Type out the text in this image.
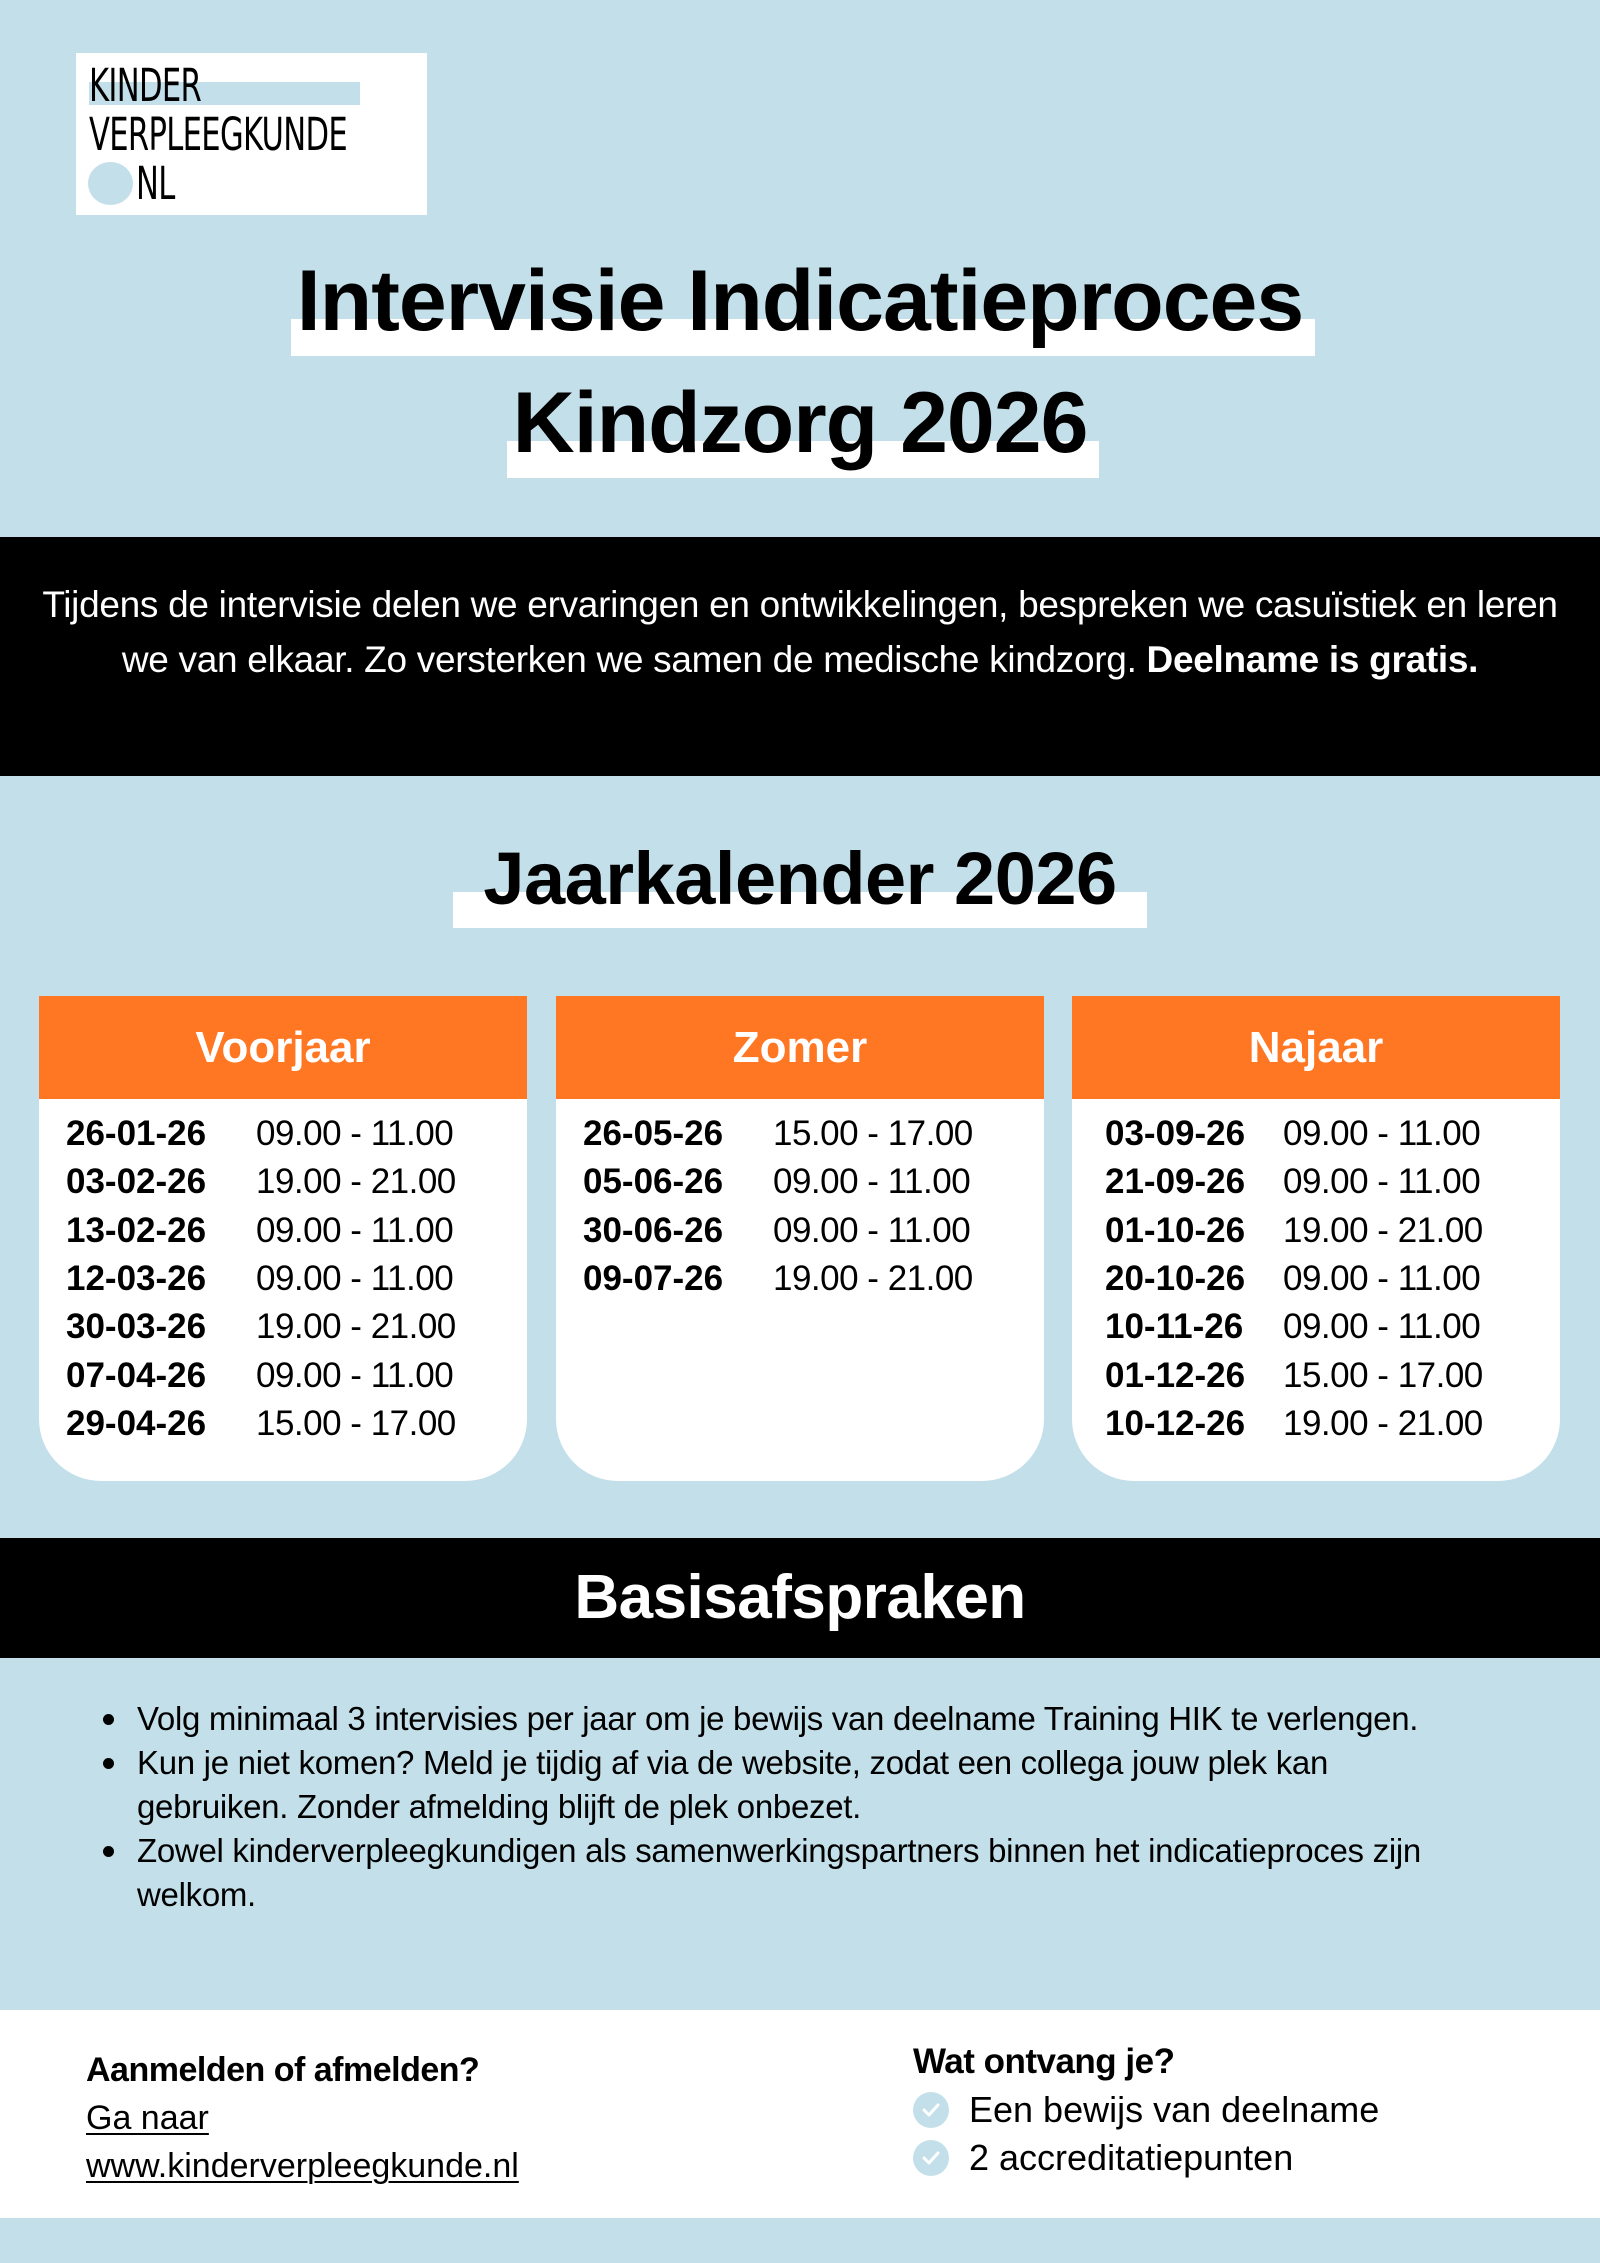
KINDER
VERPLEEGKUNDE
NL
Intervisie Indicatieproces
Kindzorg 2026

Tijdens de intervisie delen we ervaringen en ontwikkelingen, bespreken we casuïstiek en leren we van elkaar. Zo versterken we samen de medische kindzorg. Deelname is gratis.

Jaarkalender 2026
Voorjaar
26-01-26	09.00 - 11.00
03-02-26	19.00 - 21.00
13-02-26	09.00 - 11.00
12-03-26	09.00 - 11.00
30-03-26	19.00 - 21.00
07-04-26	09.00 - 11.00
29-04-26	15.00 - 17.00
Zomer
26-05-26	15.00 - 17.00
05-06-26	09.00 - 11.00
30-06-26	09.00 - 11.00
09-07-26	19.00 - 21.00
Najaar
03-09-26	09.00 - 11.00
21-09-26	09.00 - 11.00
01-10-26	19.00 - 21.00
20-10-26	09.00 - 11.00
10-11-26	09.00 - 11.00
01-12-26	15.00 - 17.00
10-12-26	19.00 - 21.00
Basisafspraken
Volg minimaal 3 intervisies per jaar om je bewijs van deelname Training HIK te verlengen.
Kun je niet komen? Meld je tijdig af via de website, zodat een collega jouw plek kan gebruiken. Zonder afmelding blijft de plek onbezet.
Zowel kinderverpleegkundigen als samenwerkingspartners binnen het indicatieproces zijn welkom.
Aanmelden of afmelden?
Ga naar
www.kinderverpleegkunde.nl
Wat ontvang je?
Een bewijs van deelname
2 accreditatiepunten
